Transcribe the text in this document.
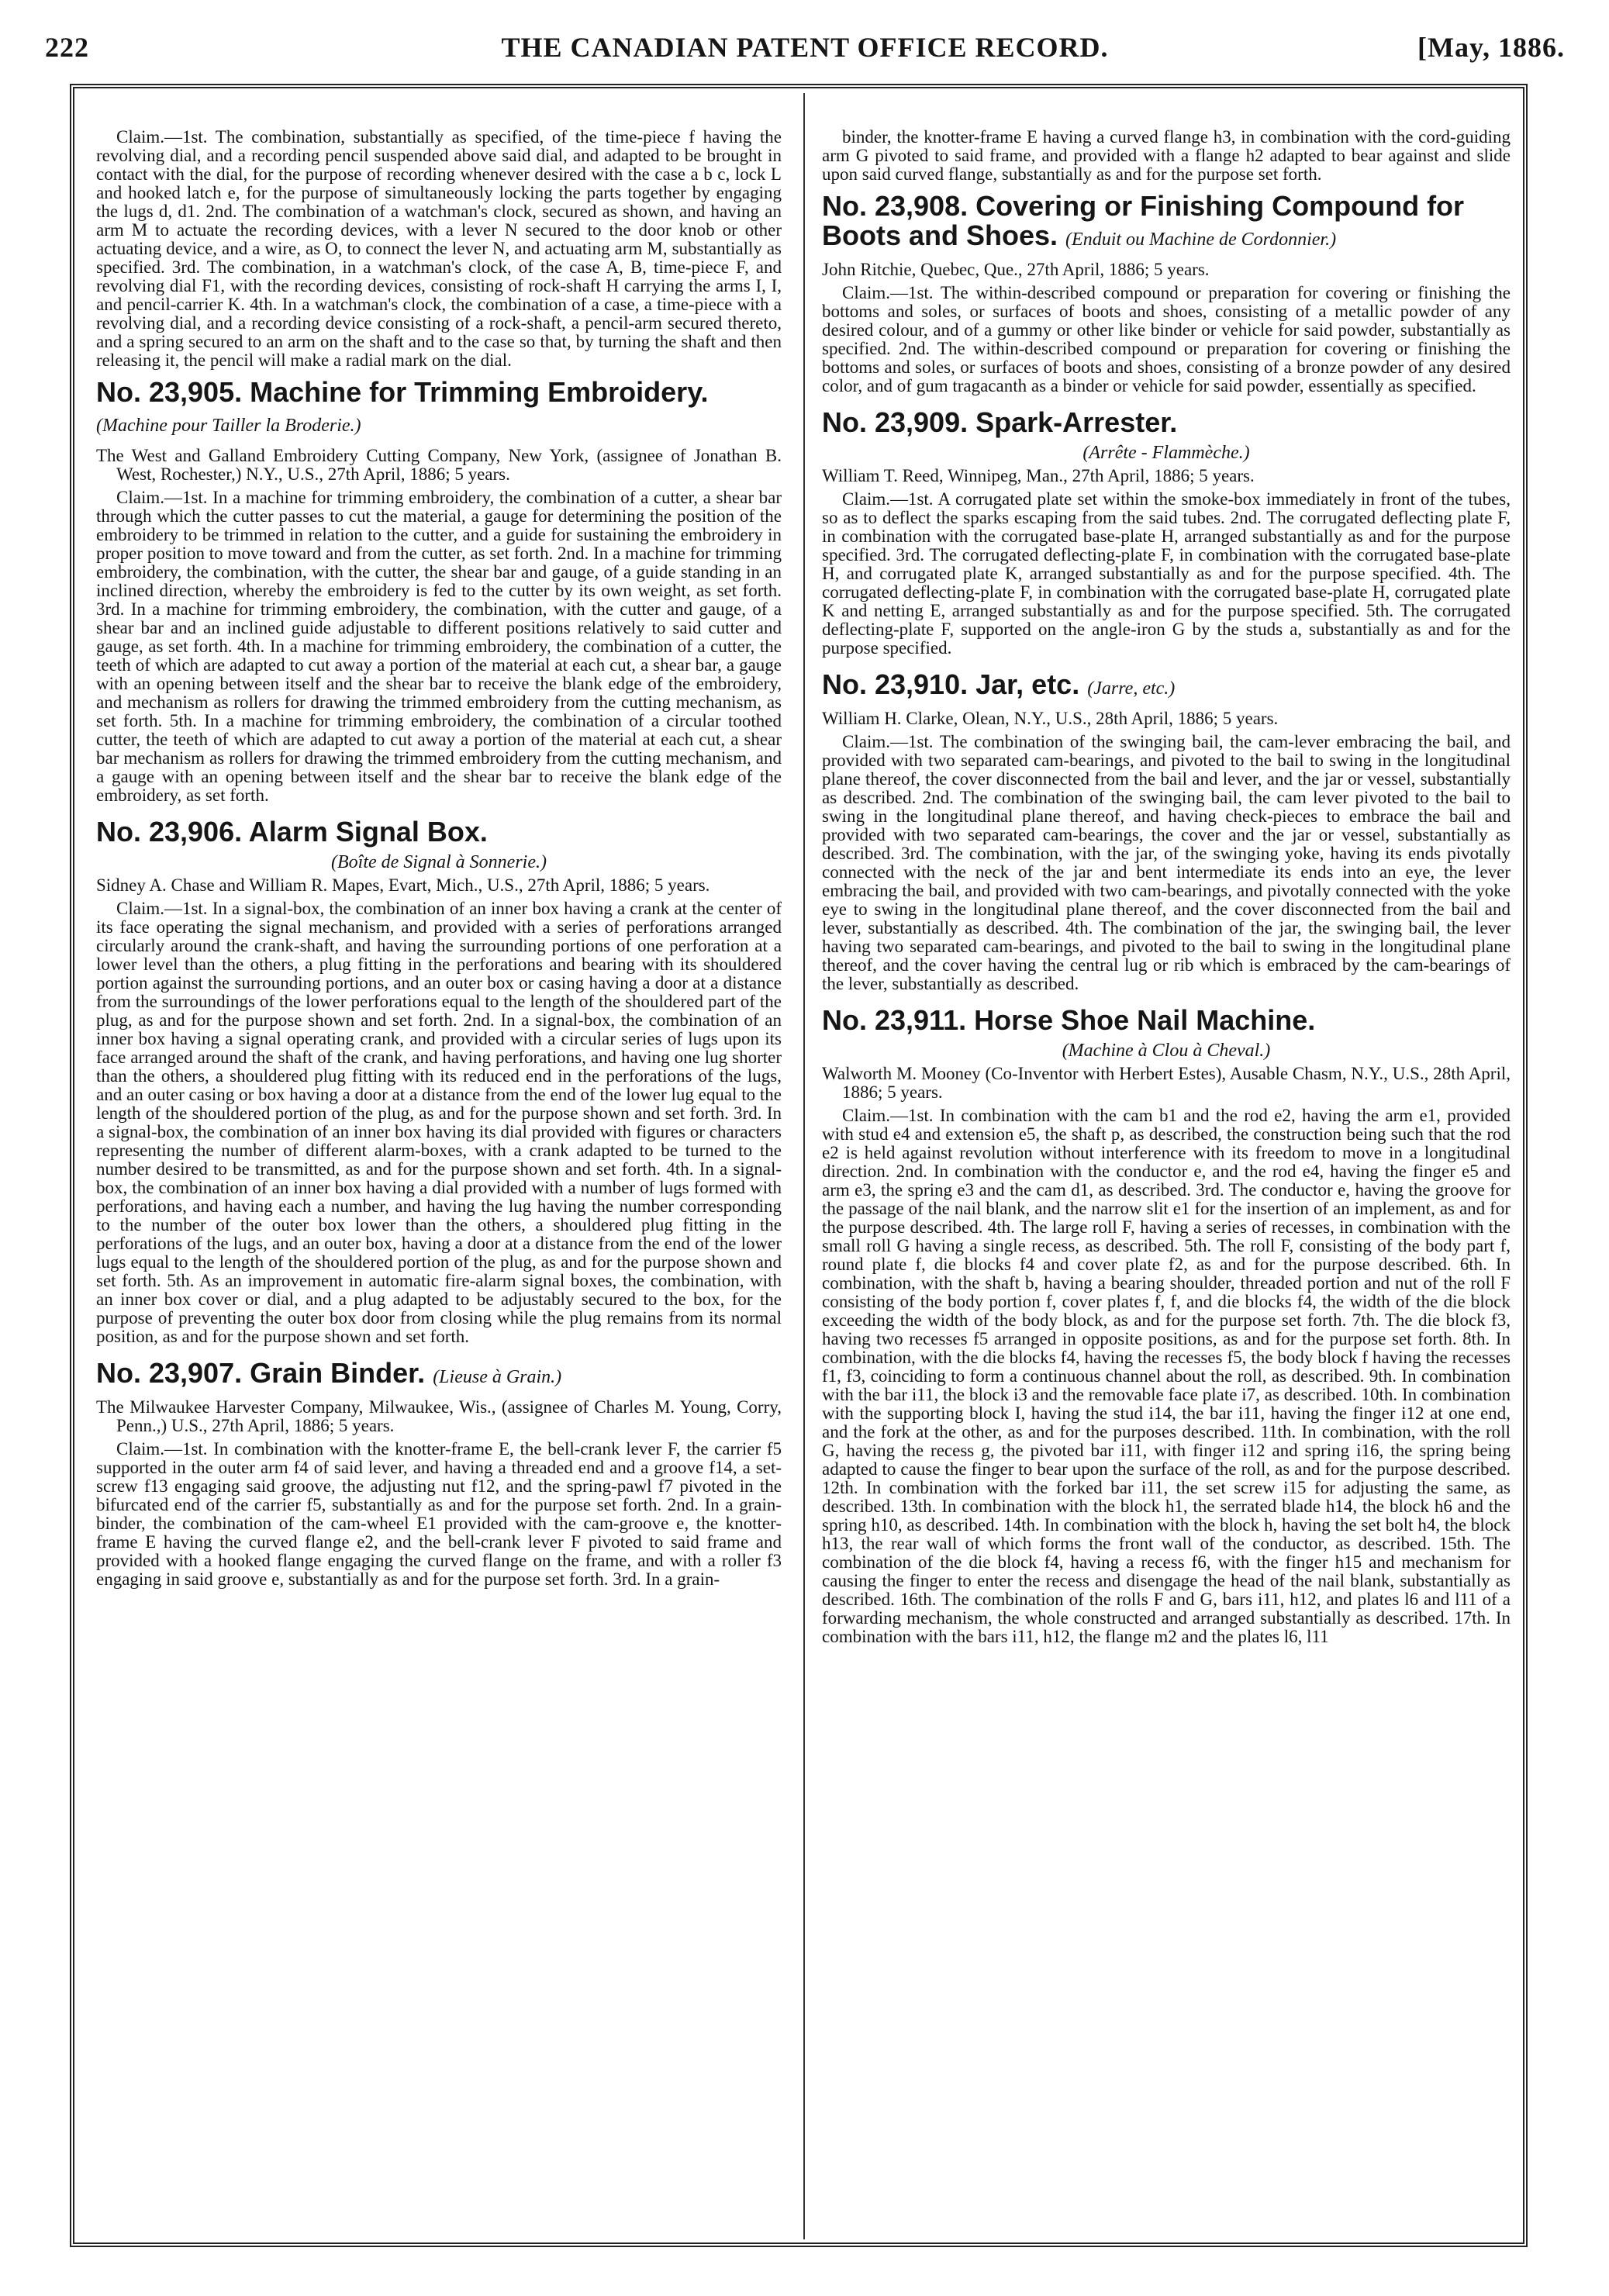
222	THE CANADIAN PATENT OFFICE RECORD.	[May, 1886.

Claim.—1st. The combination, substantially as specified, of the time-piece f having the revolving dial, and a recording pencil suspended above said dial, and adapted to be brought in contact with the dial, for the purpose of recording whenever desired with the case a b c, lock L and hooked latch e, for the purpose of simultaneously locking the parts together by engaging the lugs d, d1. 2nd. The combination of a watchman's clock, secured as shown, and having an arm M to actuate the recording devices, with a lever N secured to the door knob or other actuating device, and a wire, as O, to connect the lever N, and actuating arm M, substantially as specified. 3rd. The combination, in a watchman's clock, of the case A, B, time-piece F, and revolving dial F1, with the recording devices, consisting of rock-shaft H carrying the arms I, I, and pencil-carrier K. 4th. In a watchman's clock, the combination of a case, a time-piece with a revolving dial, and a recording device consisting of a rock-shaft, a pencil-arm secured thereto, and a spring secured to an arm on the shaft and to the case so that, by turning the shaft and then releasing it, the pencil will make a radial mark on the dial.

No. 23,905. Machine for Trimming Embroidery. (Machine pour Tailler la Broderie.)

The West and Galland Embroidery Cutting Company, New York, (assignee of Jonathan B. West, Rochester,) N.Y., U.S., 27th April, 1886; 5 years.

Claim.—1st. In a machine for trimming embroidery, the combination of a cutter, a shear bar through which the cutter passes to cut the material, a gauge for determining the position of the embroidery to be trimmed in relation to the cutter, and a guide for sustaining the embroidery in proper position to move toward and from the cutter, as set forth. 2nd. In a machine for trimming embroidery, the combination, with the cutter, the shear bar and gauge, of a guide standing in an inclined direction, whereby the embroidery is fed to the cutter by its own weight, as set forth. 3rd. In a machine for trimming embroidery, the combination, with the cutter and gauge, of a shear bar and an inclined guide adjustable to different positions relatively to said cutter and gauge, as set forth. 4th. In a machine for trimming embroidery, the combination of a cutter, the teeth of which are adapted to cut away a portion of the material at each cut, a shear bar, a gauge with an opening between itself and the shear bar to receive the blank edge of the embroidery, and mechanism as rollers for drawing the trimmed embroidery from the cutting mechanism, as set forth. 5th. In a machine for trimming embroidery, the combination of a circular toothed cutter, the teeth of which are adapted to cut away a portion of the material at each cut, a shear bar mechanism as rollers for drawing the trimmed embroidery from the cutting mechanism, and a gauge with an opening between itself and the shear bar to receive the blank edge of the embroidery, as set forth.

No. 23,906. Alarm Signal Box.
(Boîte de Signal à Sonnerie.)

Sidney A. Chase and William R. Mapes, Evart, Mich., U.S., 27th April, 1886; 5 years.

Claim.—1st. In a signal-box, the combination of an inner box having a crank at the center of its face operating the signal mechanism, and provided with a series of perforations arranged circularly around the crank-shaft, and having the surrounding portions of one perforation at a lower level than the others, a plug fitting in the perforations and bearing with its shouldered portion against the surrounding portions, and an outer box or casing having a door at a distance from the surroundings of the lower perforations equal to the length of the shouldered part of the plug, as and for the purpose shown and set forth. 2nd. In a signal-box, the combination of an inner box having a signal operating crank, and provided with a circular series of lugs upon its face arranged around the shaft of the crank, and having perforations, and having one lug shorter than the others, a shouldered plug fitting with its reduced end in the perforations of the lugs, and an outer casing or box having a door at a distance from the end of the lower lug equal to the length of the shouldered portion of the plug, as and for the purpose shown and set forth. 3rd. In a signal-box, the combination of an inner box having its dial provided with figures or characters representing the number of different alarm-boxes, with a crank adapted to be turned to the number desired to be transmitted, as and for the purpose shown and set forth. 4th. In a signal-box, the combination of an inner box having a dial provided with a number of lugs formed with perforations, and having each a number, and having the lug having the number corresponding to the number of the outer box lower than the others, a shouldered plug fitting in the perforations of the lugs, and an outer box, having a door at a distance from the end of the lower lugs equal to the length of the shouldered portion of the plug, as and for the purpose shown and set forth. 5th. As an improvement in automatic fire-alarm signal boxes, the combination, with an inner box cover or dial, and a plug adapted to be adjustably secured to the box, for the purpose of preventing the outer box door from closing while the plug remains from its normal position, as and for the purpose shown and set forth.

No. 23,907. Grain Binder. (Lieuse à Grain.)

The Milwaukee Harvester Company, Milwaukee, Wis., (assignee of Charles M. Young, Corry, Penn.,) U.S., 27th April, 1886; 5 years.

Claim.—1st. In combination with the knotter-frame E, the bell-crank lever F, the carrier f5 supported in the outer arm f4 of said lever, and having a threaded end and a groove f14, a set-screw f13 engaging said groove, the adjusting nut f12, and the spring-pawl f7 pivoted in the bifurcated end of the carrier f5, substantially as and for the purpose set forth. 2nd. In a grain-binder, the combination of the cam-wheel E1 provided with the cam-groove e, the knotter-frame E having the curved flange e2, and the bell-crank lever F pivoted to said frame and provided with a hooked flange engaging the curved flange on the frame, and with a roller f3 engaging in said groove e, substantially as and for the purpose set forth. 3rd. In a grain-

binder, the knotter-frame E having a curved flange h3, in combination with the cord-guiding arm G pivoted to said frame, and provided with a flange h2 adapted to bear against and slide upon said curved flange, substantially as and for the purpose set forth.

No. 23,908. Covering or Finishing Compound for Boots and Shoes. (Enduit ou Machine de Cordonnier.)

John Ritchie, Quebec, Que., 27th April, 1886; 5 years.

Claim.—1st. The within-described compound or preparation for covering or finishing the bottoms and soles, or surfaces of boots and shoes, consisting of a metallic powder of any desired colour, and of a gummy or other like binder or vehicle for said powder, substantially as specified. 2nd. The within-described compound or preparation for covering or finishing the bottoms and soles, or surfaces of boots and shoes, consisting of a bronze powder of any desired color, and of gum tragacanth as a binder or vehicle for said powder, essentially as specified.

No. 23,909. Spark-Arrester.
(Arrête - Flammèche.)

William T. Reed, Winnipeg, Man., 27th April, 1886; 5 years.

Claim.—1st. A corrugated plate set within the smoke-box immediately in front of the tubes, so as to deflect the sparks escaping from the said tubes. 2nd. The corrugated deflecting plate F, in combination with the corrugated base-plate H, arranged substantially as and for the purpose specified. 3rd. The corrugated deflecting-plate F, in combination with the corrugated base-plate H, and corrugated plate K, arranged substantially as and for the purpose specified. 4th. The corrugated deflecting-plate F, in combination with the corrugated base-plate H, corrugated plate K and netting E, arranged substantially as and for the purpose specified. 5th. The corrugated deflecting-plate F, supported on the angle-iron G by the studs a, substantially as and for the purpose specified.

No. 23,910. Jar, etc. (Jarre, etc.)

William H. Clarke, Olean, N.Y., U.S., 28th April, 1886; 5 years.

Claim.—1st. The combination of the swinging bail, the cam-lever embracing the bail, and provided with two separated cam-bearings, and pivoted to the bail to swing in the longitudinal plane thereof, the cover disconnected from the bail and lever, and the jar or vessel, substantially as described. 2nd. The combination of the swinging bail, the cam lever pivoted to the bail to swing in the longitudinal plane thereof, and having check-pieces to embrace the bail and provided with two separated cam-bearings, the cover and the jar or vessel, substantially as described. 3rd. The combination, with the jar, of the swinging yoke, having its ends pivotally connected with the neck of the jar and bent intermediate its ends into an eye, the lever embracing the bail, and provided with two cam-bearings, and pivotally connected with the yoke eye to swing in the longitudinal plane thereof, and the cover disconnected from the bail and lever, substantially as described. 4th. The combination of the jar, the swinging bail, the lever having two separated cam-bearings, and pivoted to the bail to swing in the longitudinal plane thereof, and the cover having the central lug or rib which is embraced by the cam-bearings of the lever, substantially as described.

No. 23,911. Horse Shoe Nail Machine.
(Machine à Clou à Cheval.)

Walworth M. Mooney (Co-Inventor with Herbert Estes), Ausable Chasm, N.Y., U.S., 28th April, 1886; 5 years.

Claim.—1st. In combination with the cam b1 and the rod e2, having the arm e1, provided with stud e4 and extension e5, the shaft p, as described, the construction being such that the rod e2 is held against revolution without interference with its freedom to move in a longitudinal direction. 2nd. In combination with the conductor e, and the rod e4, having the finger e5 and arm e3, the spring e3 and the cam d1, as described. 3rd. The conductor e, having the groove for the passage of the nail blank, and the narrow slit e1 for the insertion of an implement, as and for the purpose described. 4th. The large roll F, having a series of recesses, in combination with the small roll G having a single recess, as described. 5th. The roll F, consisting of the body part f, round plate f, die blocks f4 and cover plate f2, as and for the purpose described. 6th. In combination, with the shaft b, having a bearing shoulder, threaded portion and nut of the roll F consisting of the body portion f, cover plates f, f, and die blocks f4, the width of the die block exceeding the width of the body block, as and for the purpose set forth. 7th. The die block f3, having two recesses f5 arranged in opposite positions, as and for the purpose set forth. 8th. In combination, with the die blocks f4, having the recesses f5, the body block f having the recesses f1, f3, coinciding to form a continuous channel about the roll, as described. 9th. In combination with the bar i11, the block i3 and the removable face plate i7, as described. 10th. In combination with the supporting block I, having the stud i14, the bar i11, having the finger i12 at one end, and the fork at the other, as and for the purposes described. 11th. In combination, with the roll G, having the recess g, the pivoted bar i11, with finger i12 and spring i16, the spring being adapted to cause the finger to bear upon the surface of the roll, as and for the purpose described. 12th. In combination with the forked bar i11, the set screw i15 for adjusting the same, as described. 13th. In combination with the block h1, the serrated blade h14, the block h6 and the spring h10, as described. 14th. In combination with the block h, having the set bolt h4, the block h13, the rear wall of which forms the front wall of the conductor, as described. 15th. The combination of the die block f4, having a recess f6, with the finger h15 and mechanism for causing the finger to enter the recess and disengage the head of the nail blank, substantially as described. 16th. The combination of the rolls F and G, bars i11, h12, and plates l6 and l11 of a forwarding mechanism, the whole constructed and arranged substantially as described. 17th. In combination with the bars i11, h12, the flange m2 and the plates l6, l11
